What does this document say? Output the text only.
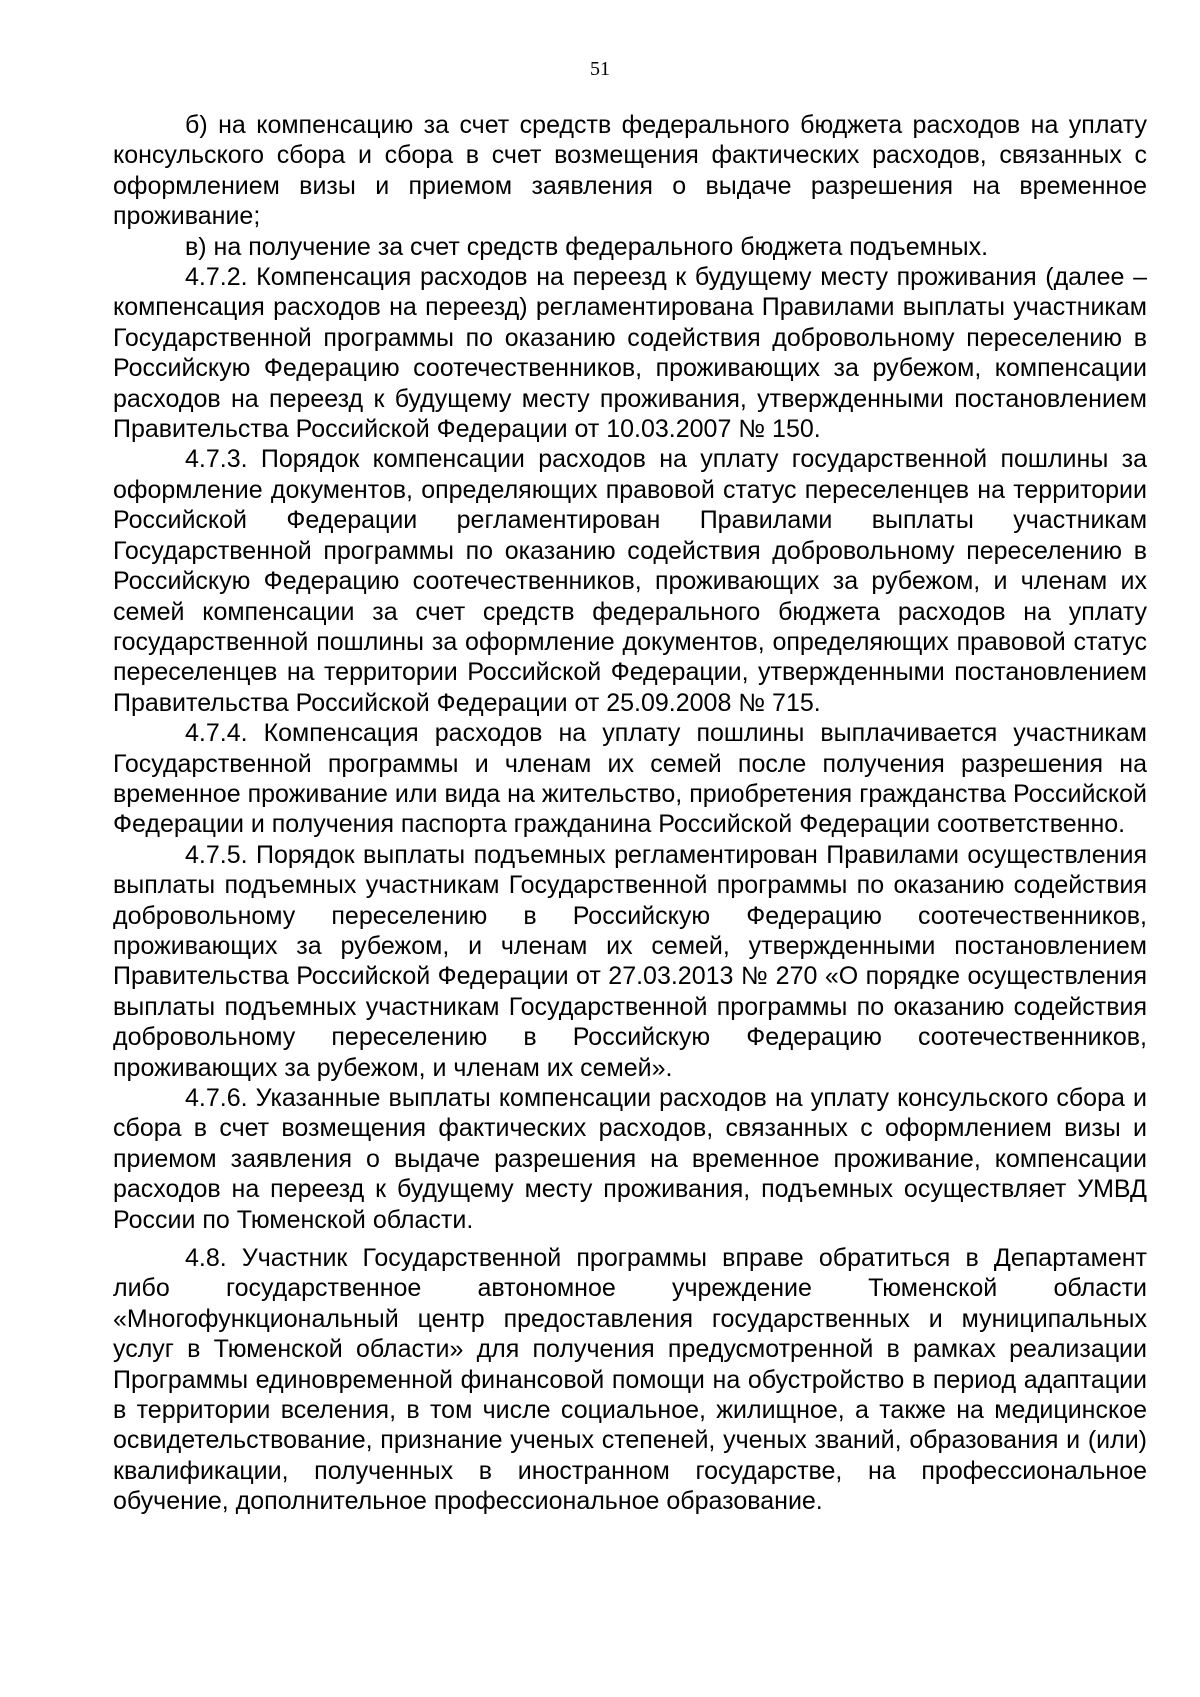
51

б) на компенсацию за счет средств федерального бюджета расходов на уплату консульского сбора и сбора в счет возмещения фактических расходов, связанных с оформлением визы и приемом заявления о выдаче разрешения на временное проживание;

в) на получение за счет средств федерального бюджета подъемных.

4.7.2. Компенсация расходов на переезд к будущему месту проживания (далее – компенсация расходов на переезд) регламентирована Правилами выплаты участникам Государственной программы по оказанию содействия добровольному переселению в Российскую Федерацию соотечественников, проживающих за рубежом, компенсации расходов на переезд к будущему месту проживания, утвержденными постановлением Правительства Российской Федерации от 10.03.2007 № 150.

4.7.3. Порядок компенсации расходов на уплату государственной пошлины за оформление документов, определяющих правовой статус переселенцев на территории Российской Федерации регламентирован Правилами выплаты участникам Государственной программы по оказанию содействия добровольному переселению в Российскую Федерацию соотечественников, проживающих за рубежом, и членам их семей компенсации за счет средств федерального бюджета расходов на уплату государственной пошлины за оформление документов, определяющих правовой статус переселенцев на территории Российской Федерации, утвержденными постановлением Правительства Российской Федерации от 25.09.2008 № 715.

4.7.4. Компенсация расходов на уплату пошлины выплачивается участникам Государственной программы и членам их семей после получения разрешения на временное проживание или вида на жительство, приобретения гражданства Российской Федерации и получения паспорта гражданина Российской Федерации соответственно.

4.7.5. Порядок выплаты подъемных регламентирован Правилами осуществления выплаты подъемных участникам Государственной программы по оказанию содействия добровольному переселению в Российскую Федерацию соотечественников, проживающих за рубежом, и членам их семей, утвержденными постановлением Правительства Российской Федерации от 27.03.2013 № 270 «О порядке осуществления выплаты подъемных участникам Государственной программы по оказанию содействия добровольному переселению в Российскую Федерацию соотечественников, проживающих за рубежом, и членам их семей».

4.7.6. Указанные выплаты компенсации расходов на уплату консульского сбора и сбора в счет возмещения фактических расходов, связанных с оформлением визы и приемом заявления о выдаче разрешения на временное проживание, компенсации расходов на переезд к будущему месту проживания, подъемных осуществляет УМВД России по Тюменской области.

4.8. Участник Государственной программы вправе обратиться в Департамент либо государственное автономное учреждение Тюменской области «Многофункциональный центр предоставления государственных и муниципальных услуг в Тюменской области» для получения предусмотренной в рамках реализации Программы единовременной финансовой помощи на обустройство в период адаптации в территории вселения, в том числе социальное, жилищное, а также на медицинское освидетельствование, признание ученых степеней, ученых званий, образования и (или) квалификации, полученных в иностранном государстве, на профессиональное обучение, дополнительное профессиональное образование.
